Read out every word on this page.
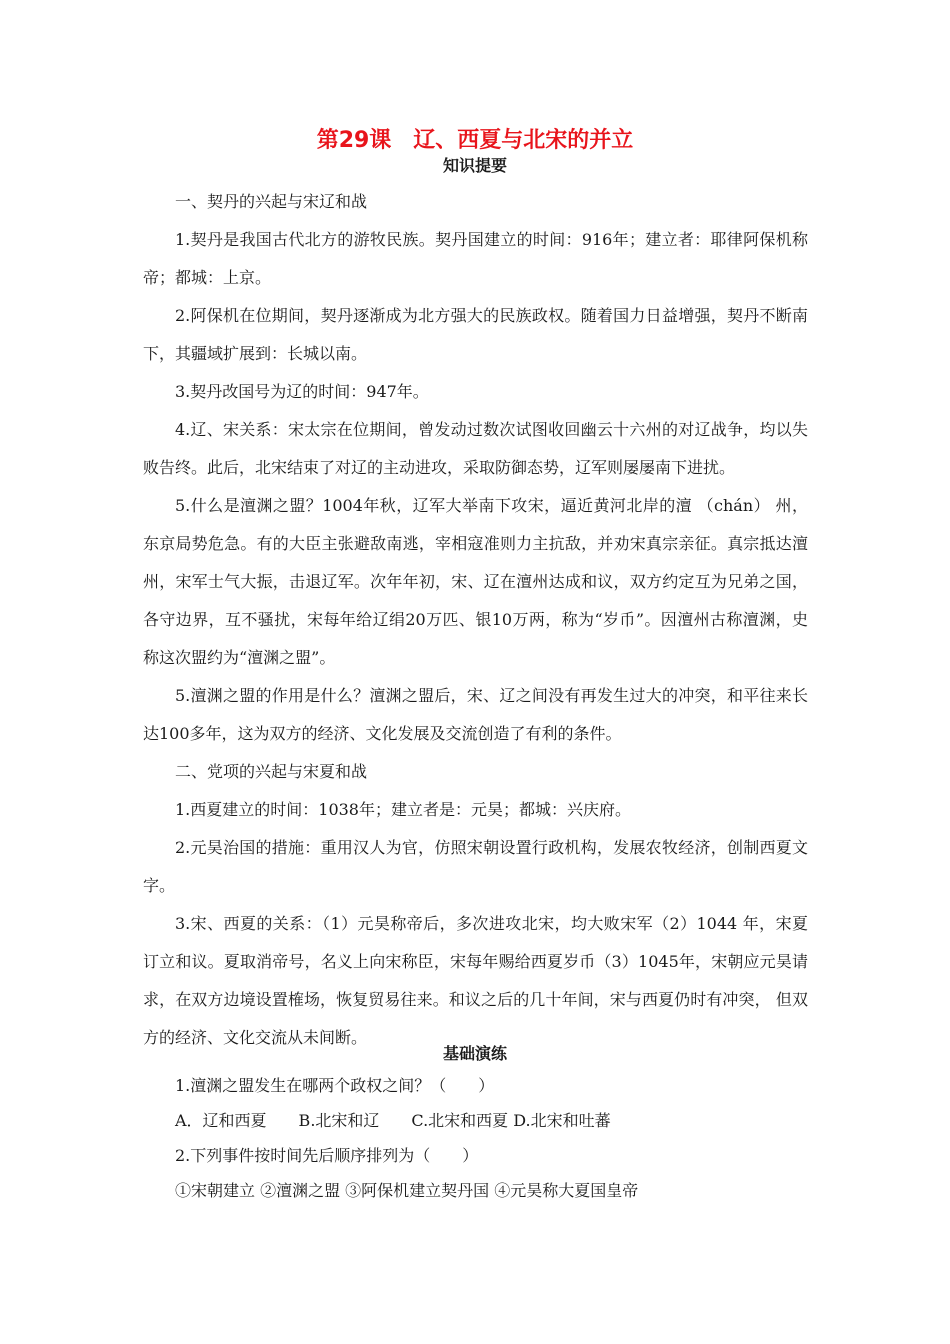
第29课　辽、西夏与北宋的并立
知识提要

一、契丹的兴起与宋辽和战

1.契丹是我国古代北方的游牧民族。契丹国建立的时间：916年；建立者：耶律阿保机称帝；都城：上京。

2.阿保机在位期间，契丹逐渐成为北方强大的民族政权。随着国力日益增强，契丹不断南下，其疆域扩展到：长城以南。

3.契丹改国号为辽的时间：947年。

4.辽、宋关系：宋太宗在位期间，曾发动过数次试图收回幽云十六州的对辽战争，均以失败告终。此后，北宋结束了对辽的主动进攻，采取防御态势，辽军则屡屡南下进扰。

5.什么是澶渊之盟？1004年秋，辽军大举南下攻宋，逼近黄河北岸的澶 （chán） 州，东京局势危急。有的大臣主张避敌南逃，宰相寇准则力主抗敌，并劝宋真宗亲征。真宗抵达澶州，宋军士气大振，击退辽军。次年年初，宋、辽在澶州达成和议，双方约定互为兄弟之国，各守边界，互不骚扰，宋每年给辽绢20万匹、银10万两，称为“岁币”。因澶州古称澶渊，史称这次盟约为“澶渊之盟”。

5.澶渊之盟的作用是什么？澶渊之盟后，宋、辽之间没有再发生过大的冲突，和平往来长达100多年，这为双方的经济、文化发展及交流创造了有利的条件。

二、党项的兴起与宋夏和战

1.西夏建立的时间：1038年；建立者是：元昊；都城：兴庆府。

2.元昊治国的措施：重用汉人为官，仿照宋朝设置行政机构，发展农牧经济，创制西夏文字。

3.宋、西夏的关系：（1）元昊称帝后，多次进攻北宋，均大败宋军（2）1044 年，宋夏订立和议。夏取消帝号，名义上向宋称臣，宋每年赐给西夏岁币（3）1045年，宋朝应元昊请求，在双方边境设置榷场，恢复贸易往来。和议之后的几十年间，宋与西夏仍时有冲突， 但双方的经济、文化交流从未间断。

基础演练

1.澶渊之盟发生在哪两个政权之间？（　　）

A．辽和西夏　　B.北宋和辽　　C.北宋和西夏 D.北宋和吐蕃

2.下列事件按时间先后顺序排列为（　　）

①宋朝建立 ②澶渊之盟 ③阿保机建立契丹国 ④元昊称大夏国皇帝
